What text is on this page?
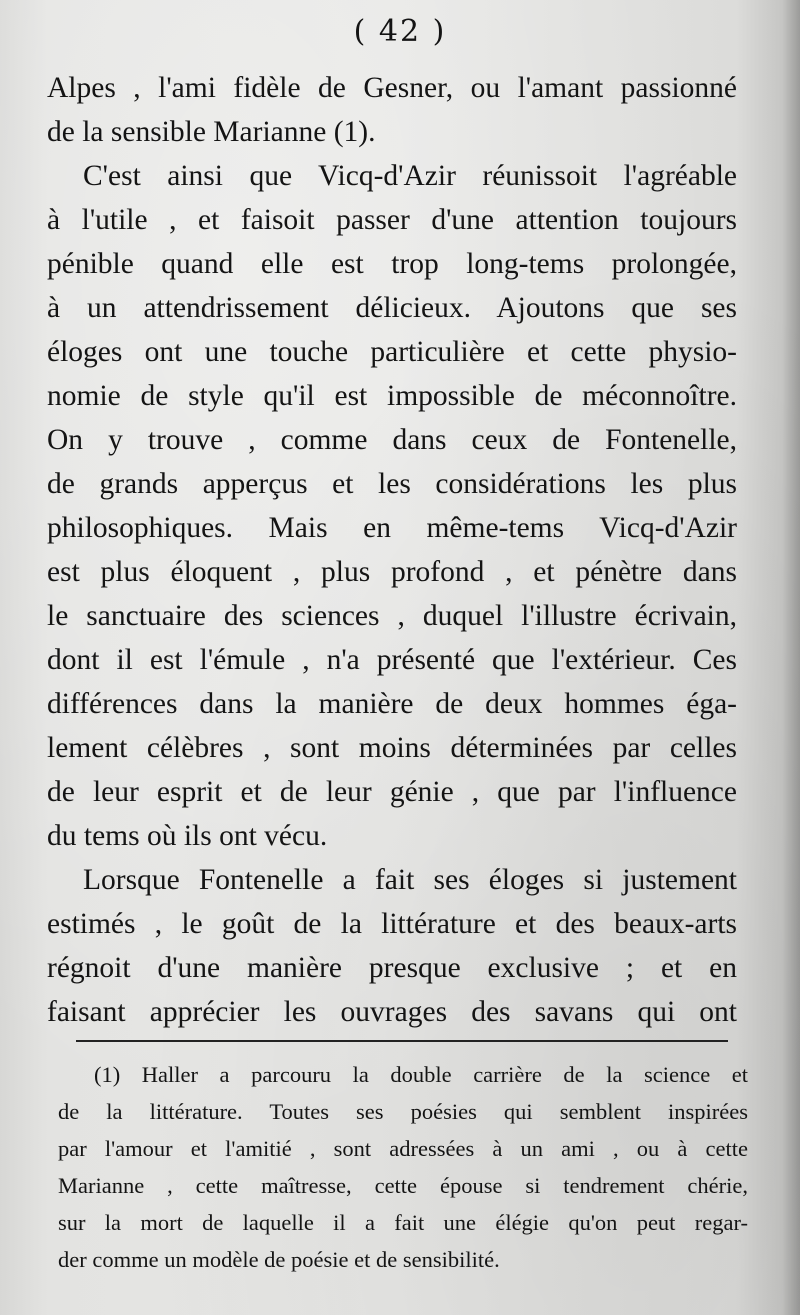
( 42 )
Alpes , l'ami fidèle de Gesner, ou l'amant passionné
de la sensible Marianne (1).
C'est ainsi que Vicq-d'Azir réunissoit l'agréable
à l'utile , et faisoit passer d'une attention toujours
pénible quand elle est trop long-tems prolongée,
à un attendrissement délicieux. Ajoutons que ses
éloges ont une touche particulière et cette physio-
nomie de style qu'il est impossible de méconnoître.
On y trouve , comme dans ceux de Fontenelle,
de grands apperçus et les considérations les plus
philosophiques. Mais en même-tems Vicq-d'Azir
est plus éloquent , plus profond , et pénètre dans
le sanctuaire des sciences , duquel l'illustre écrivain,
dont il est l'émule , n'a présenté que l'extérieur. Ces
différences dans la manière de deux hommes éga-
lement célèbres , sont moins déterminées par celles
de leur esprit et de leur génie , que par l'influence
du tems où ils ont vécu.
Lorsque Fontenelle a fait ses éloges si justement
estimés , le goût de la littérature et des beaux-arts
régnoit d'une manière presque exclusive ; et en
faisant apprécier les ouvrages des savans qui ont
(1) Haller a parcouru la double carrière de la science et
de la littérature. Toutes ses poésies qui semblent inspirées
par l'amour et l'amitié , sont adressées à un ami , ou à cette
Marianne , cette maîtresse, cette épouse si tendrement chérie,
sur la mort de laquelle il a fait une élégie qu'on peut regar-
der comme un modèle de poésie et de sensibilité.
